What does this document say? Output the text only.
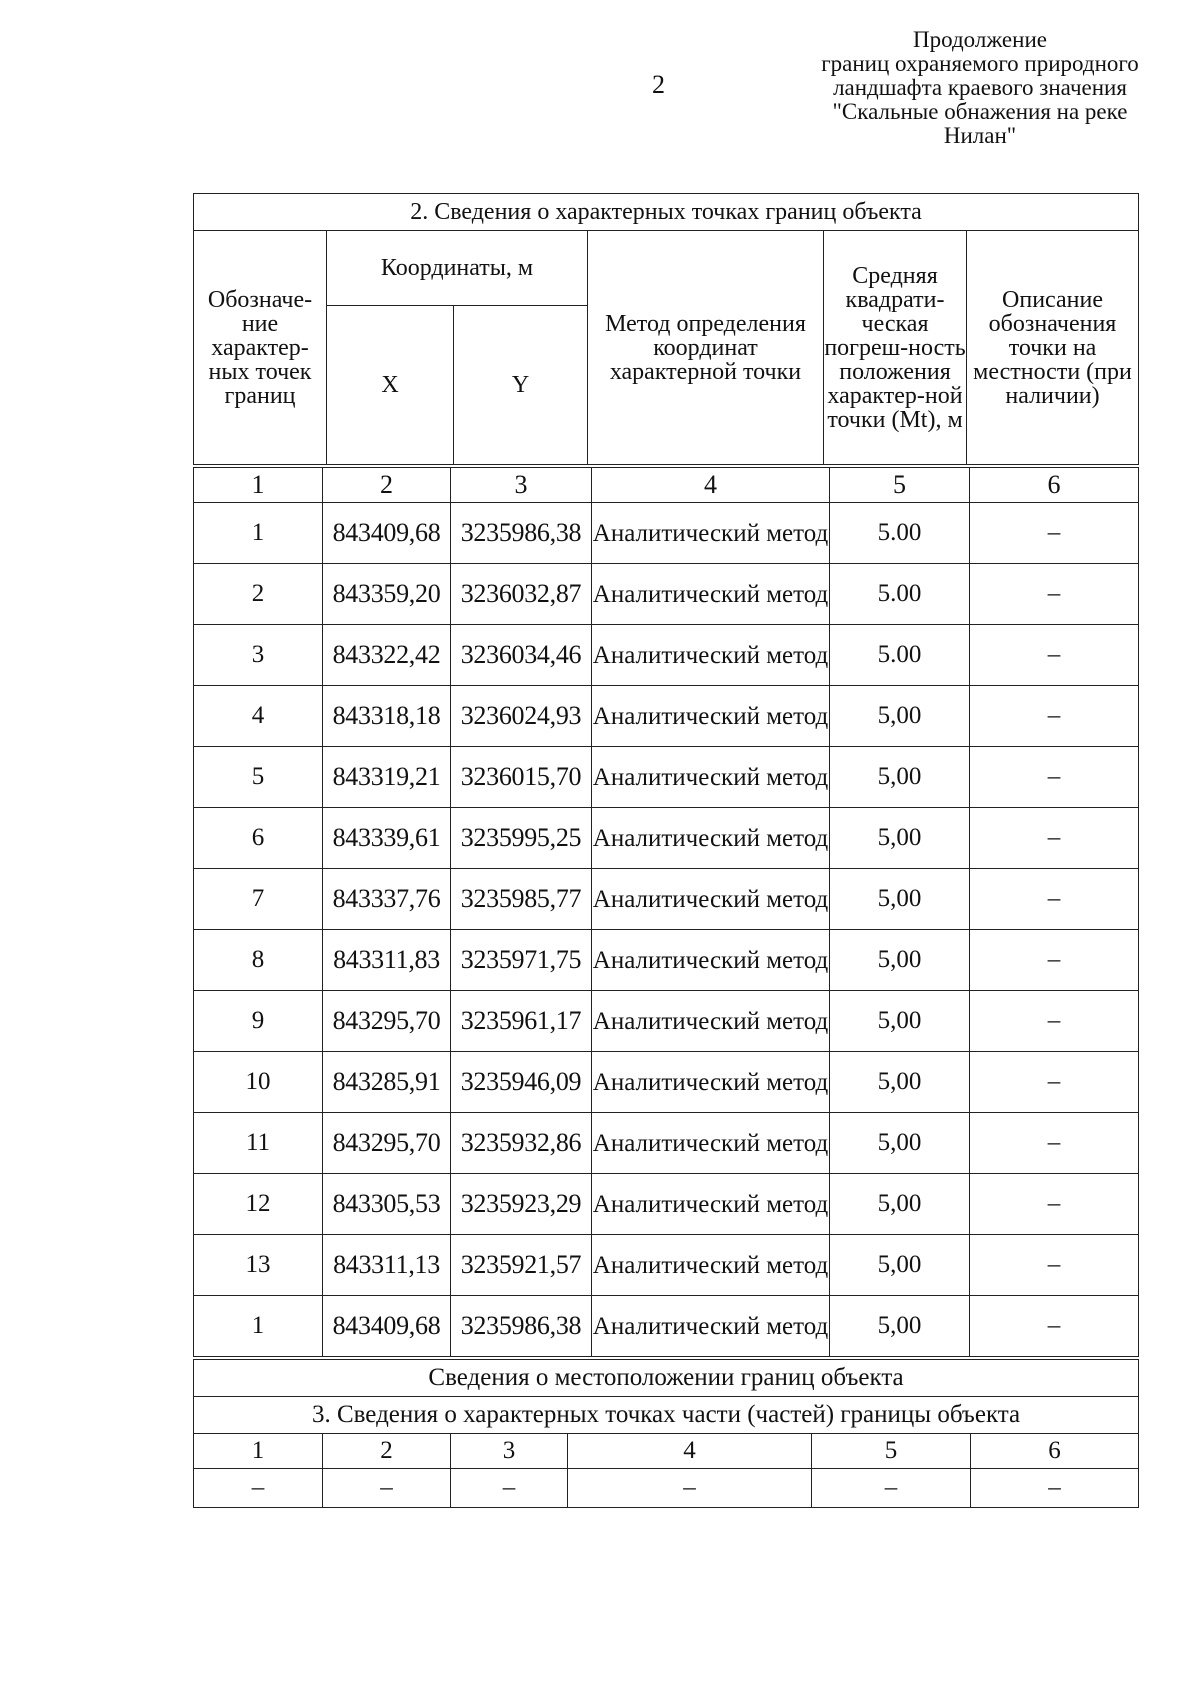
2
Продолжение
границ охраняемого природного
ландшафта краевого значения
"Скальные обнажения на реке
Нилан"
2. Сведения о характерных точках границ объекта					
Обозначе-ние характер-ных точек границ	Координаты, м		Метод определения координат характерной точки	Средняя квадрати-ческая погреш-ность положения характер-ной точки (Mt), м	Описание обозначения точки на местности (при наличии)
	X	Y			
1	2	3	4	5	6
1	843409,68	3235986,38	Аналитический метод	5.00	–
2	843359,20	3236032,87	Аналитический метод	5.00	–
3	843322,42	3236034,46	Аналитический метод	5.00	–
4	843318,18	3236024,93	Аналитический метод	5,00	–
5	843319,21	3236015,70	Аналитический метод	5,00	–
6	843339,61	3235995,25	Аналитический метод	5,00	–
7	843337,76	3235985,77	Аналитический метод	5,00	–
8	843311,83	3235971,75	Аналитический метод	5,00	–
9	843295,70	3235961,17	Аналитический метод	5,00	–
10	843285,91	3235946,09	Аналитический метод	5,00	–
11	843295,70	3235932,86	Аналитический метод	5,00	–
12	843305,53	3235923,29	Аналитический метод	5,00	–
13	843311,13	3235921,57	Аналитический метод	5,00	–
1	843409,68	3235986,38	Аналитический метод	5,00	–
Сведения о местоположении границ объекта					
3. Сведения о характерных точках части (частей) границы объекта					
1	2	3	4	5	6
–	–	–	–	–	–
